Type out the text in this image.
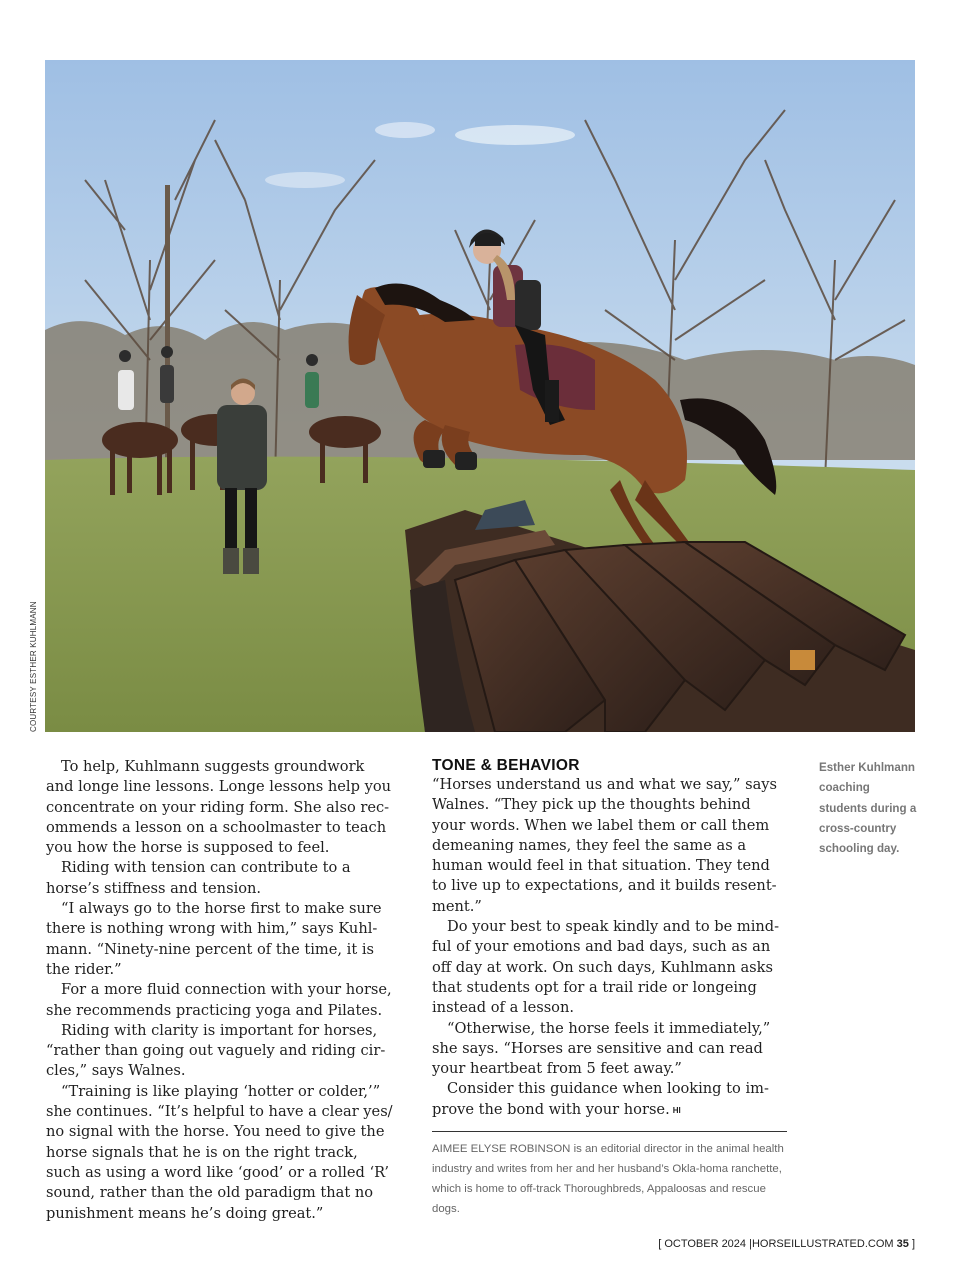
COURTESY ESTHER KUHLMANN

To help, Kuhlmann suggests groundwork and longe line lessons. Longe lessons help you concentrate on your riding form. She also rec-ommends a lesson on a schoolmaster to teach you how the horse is supposed to feel.

Riding with tension can contribute to a horse’s stiffness and tension.

“I always go to the horse first to make sure there is nothing wrong with him,” says Kuhl-mann. “Ninety-nine percent of the time, it is the rider.”

For a more fluid connection with your horse, she recommends practicing yoga and Pilates.

Riding with clarity is important for horses, “rather than going out vaguely and riding cir-cles,” says Walnes.

“Training is like playing ‘hotter or colder,’” she continues. “It’s helpful to have a clear yes/ no signal with the horse. You need to give the horse signals that he is on the right track, such as using a word like ‘good’ or a rolled ‘R’ sound, rather than the old paradigm that no punishment means he’s doing great.”

TONE & BEHAVIOR

“Horses understand us and what we say,” says Walnes. “They pick up the thoughts behind your words. When we label them or call them demeaning names, they feel the same as a human would feel in that situation. They tend to live up to expectations, and it builds resent-ment.”

Do your best to speak kindly and to be mind-ful of your emotions and bad days, such as an off day at work. On such days, Kuhlmann asks that students opt for a trail ride or longeing instead of a lesson.

“Otherwise, the horse feels it immediately,” she says. “Horses are sensitive and can read your heartbeat from 5 feet away.”

Consider this guidance when looking to im-prove the bond with your horse. HI

AIMEE ELYSE ROBINSON is an editorial director in the animal health industry and writes from her and her husband’s Okla-homa ranchette, which is home to off-track Thoroughbreds, Appaloosas and rescue dogs.
Esther Kuhlmann coaching students during a cross-country schooling day.
[ OCTOBER 2024 |HORSEILLUSTRATED.COM 35 ]
